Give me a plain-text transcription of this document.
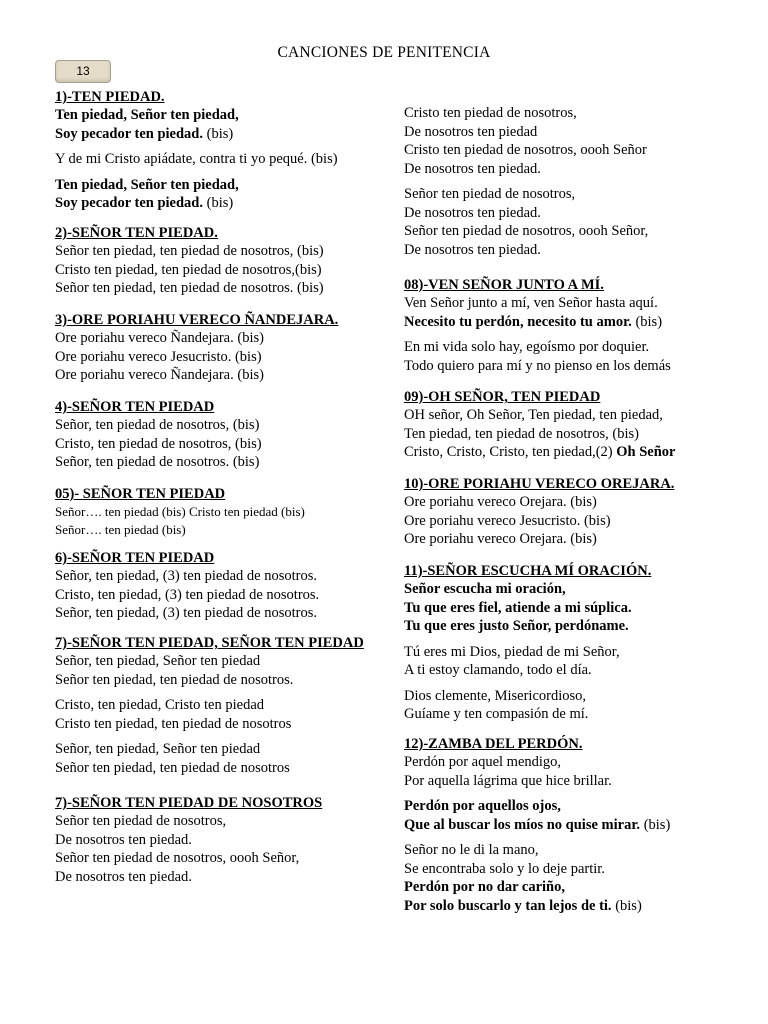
CANCIONES DE PENITENCIA
13
1)-TEN PIEDAD.
Ten piedad, Señor ten piedad,
Soy pecador ten piedad. (bis)
Y de mi Cristo apiádate, contra ti yo pequé. (bis)
Ten piedad, Señor ten piedad,
Soy pecador ten piedad. (bis)
2)-SEÑOR TEN PIEDAD.
Señor ten piedad, ten piedad de nosotros, (bis)
Cristo ten piedad, ten piedad de nosotros,(bis)
Señor ten piedad, ten piedad de nosotros. (bis)
3)-ORE PORIAHU VERECO ÑANDEJARA.
Ore poriahu vereco Ñandejara. (bis)
Ore poriahu vereco Jesucristo. (bis)
Ore poriahu vereco Ñandejara. (bis)
4)-SEÑOR TEN PIEDAD
Señor, ten piedad de nosotros, (bis)
Cristo, ten piedad de nosotros, (bis)
Señor, ten piedad de nosotros. (bis)
05)- SEÑOR TEN PIEDAD
Señor…. ten piedad (bis) Cristo ten piedad (bis)
Señor…. ten piedad (bis)
6)-SEÑOR TEN PIEDAD
Señor, ten piedad, (3) ten piedad de nosotros.
Cristo, ten piedad, (3) ten piedad de nosotros.
Señor, ten piedad, (3) ten piedad de nosotros.
7)-SEÑOR TEN PIEDAD, SEÑOR TEN PIEDAD
Señor, ten piedad, Señor ten piedad
Señor ten piedad, ten piedad de nosotros.
Cristo, ten piedad, Cristo ten piedad
Cristo ten piedad, ten piedad de nosotros
Señor, ten piedad, Señor ten piedad
Señor ten piedad, ten piedad de nosotros
7)-SEÑOR TEN PIEDAD DE NOSOTROS
Señor ten piedad de nosotros,
De nosotros ten piedad.
Señor ten piedad de nosotros, oooh Señor,
De nosotros ten piedad.
Cristo ten piedad de nosotros,
De nosotros ten piedad
Cristo ten piedad de nosotros, oooh Señor
De nosotros ten piedad.
Señor ten piedad de nosotros,
De nosotros ten piedad.
Señor ten piedad de nosotros, oooh Señor,
De nosotros ten piedad.
08)-VEN SEÑOR JUNTO A MÍ.
Ven Señor junto a mí, ven Señor hasta aquí.
Necesito tu perdón, necesito tu amor. (bis)
En mi vida solo hay, egoísmo por doquier.
Todo quiero para mí y no pienso en los demás
09)-OH SEÑOR, TEN PIEDAD
OH señor, Oh Señor, Ten piedad, ten piedad,
Ten piedad, ten piedad de nosotros, (bis)
Cristo, Cristo, Cristo, ten piedad,(2) Oh Señor
10)-ORE PORIAHU VERECO OREJARA.
Ore poriahu vereco Orejara. (bis)
Ore poriahu vereco Jesucristo. (bis)
Ore poriahu vereco Orejara. (bis)
11)-SEÑOR ESCUCHA MÍ ORACIÓN.
Señor escucha mi oración,
Tu que eres fiel, atiende a mi súplica.
Tu que eres justo Señor, perdóname.
Tú eres mi Dios, piedad de mi Señor,
A ti estoy clamando, todo el día.
Dios clemente, Misericordioso,
Guíame y ten compasión de mí.
12)-ZAMBA DEL PERDÓN.
Perdón por aquel mendigo,
Por aquella lágrima que hice brillar.
Perdón por aquellos ojos,
Que al buscar los míos no quise mirar. (bis)
Señor no le di la mano,
Se encontraba solo y lo deje partir.
Perdón por no dar cariño,
Por solo buscarlo y tan lejos de ti. (bis)
